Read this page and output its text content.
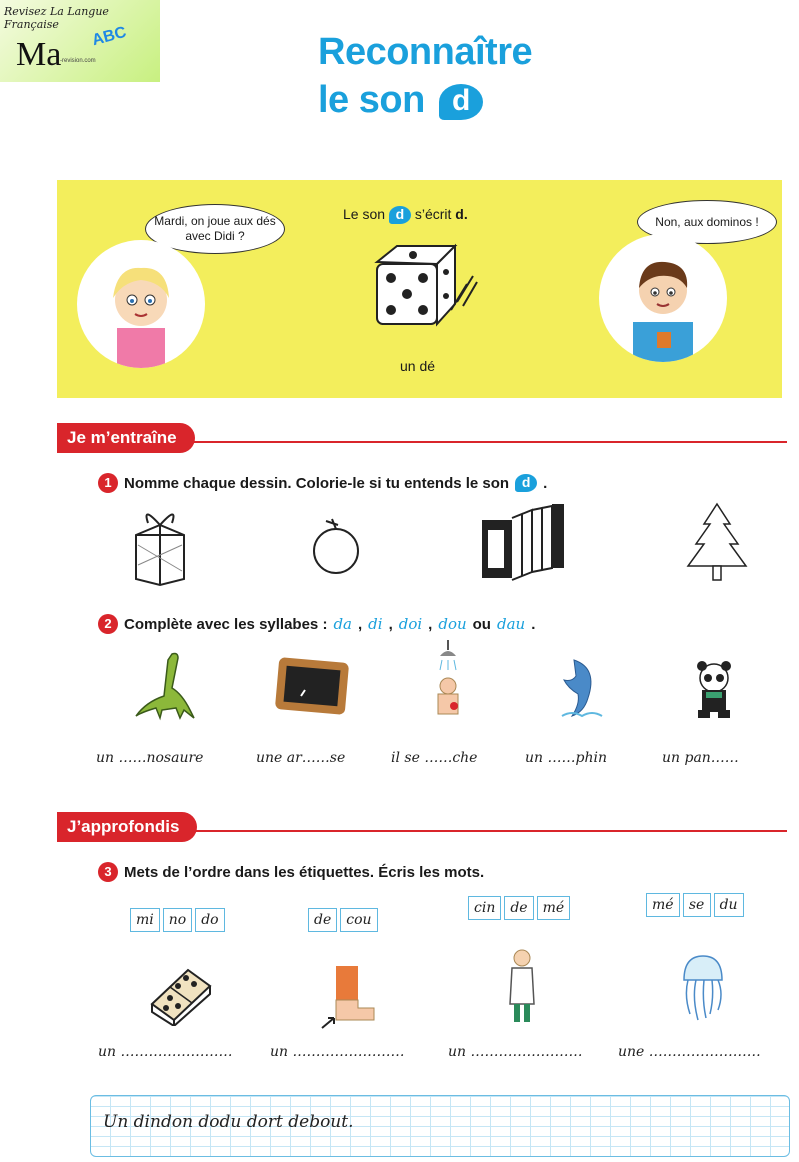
Revisez La Langue Française
Ma ABC
-revision.com	Reconnaître
le son d
Mardi, on joue aux dés avec Didi ?
Non, aux dominos !
Le son d s’écrit d.
un dé
Je m’entraîne
1 Nomme chaque dessin. Colorie-le si tu entends le son d .
2 Complète avec les syllabes : da , di , doi , dou ou dau .
un ……nosaure	une ar……se	il se ……che	un ……phin	un pan……
J’approfondis
3 Mets de l’ordre dans les étiquettes. Écris les mots.
mi	no	do	de	cou
cin	de	mé	mé	se	du
un ……………………	un ……………………	un ……………………	une ……………………
Un dindon dodu dort debout.
